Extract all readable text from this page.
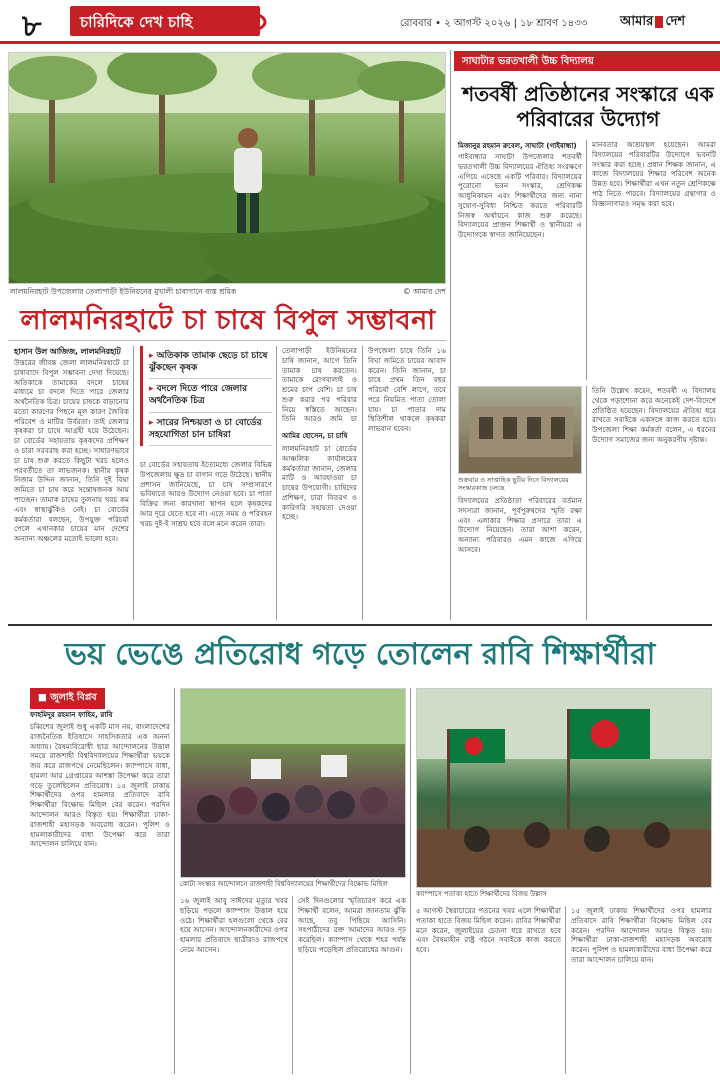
৮	চারিদিকে দেখ চাহি	রোববার • ২ আগস্ট ২০২৬ | ১৮ শ্রাবণ ১৪৩৩	আমার দেশ
লালমনিরহাট উপজেলার তেলাপাড়ী ইউনিয়নের মুখালী চাবাগানে ব্যস্ত শ্রমিক	© আমার দেশ
লালমনিরহাটে চা চাষে বিপুল সম্ভাবনা
হাসান উল আজিজ, লালমনিরহাট
উত্তরের জীবন্ত জেলা লালমনিরহাটে চা চাষাবাদে বিপুল সম্ভাবনা দেখা দিয়েছে। অতিকাকে তামাকের বদলে চাষের মাধ্যমে চা বদলে দিতে পারে জেলার অর্থনৈতিক চিত্র। চায়ের চাষকে বাড়ানোর মতো কারণের পিছনে মূল কারণ জৈবিক পরিবেশ ও মাটির উর্বরতা। তাই জেলার কৃষকরা চা চাষে আগ্রহী হয়ে উঠেছেন। চা বোর্ডের সহায়তায় কৃষকদের প্রশিক্ষণ ও চারা সরবরাহ করা হচ্ছে। সাধারণভাবে চা চাষ শুরু করতে কিছুটা খরচ হলেও পরবর্তীতে তা লাভজনক। স্থানীয় কৃষক নিজাম উদ্দিন জানান, তিনি দুই বিঘা জমিতে চা চাষ করে সন্তোষজনক আয় পাচ্ছেন। তামাক চাষের তুলনায় খরচ কম এবং স্বাস্থ্যঝুঁকিও নেই। চা বোর্ডের কর্মকর্তারা বলছেন, উপযুক্ত পরিচর্যা পেলে এখানকার চায়ের মান দেশের অন্যান্য অঞ্চলের মতোই ভালো হবে।
▸ অতিকাক তামাক ছেড়ে চা চাষে ঝুঁকছেন কৃষক
▸ বদলে দিতে পারে জেলার অর্থনৈতিক চিত্র
▸ সারের নিশ্চয়তা ও চা বোর্ডের সহযোগিতা চান চাষিরা
চা বোর্ডের সহায়তায় ইতোমধ্যে জেলার বিভিন্ন উপজেলায় ক্ষুদ্র চা বাগান গড়ে উঠেছে। স্থানীয় প্রশাসন জানিয়েছে, চা চাষ সম্প্রসারণে ভবিষ্যতে আরও উদ্যোগ নেওয়া হবে। চা পাতা বিক্রির জন্য কারখানা স্থাপন হলে কৃষকদের আর দূরে যেতে হবে না। এতে সময় ও পরিবহন খরচ দুই-ই সাশ্রয় হবে বলে মনে করেন তারা।
তেলাপাড়ী ইউনিয়নের চাষি জানান, আগে তিনি তামাক চাষ করতেন। তামাকে রোগবালাই ও শ্রমের চাপ বেশি। চা চাষ শুরু করার পর পরিবার নিয়ে স্বস্তিতে আছেন। তিনি আরও জমি চা
আমির হোসেন, চা চাষি
লালমনিরহাট চা বোর্ডের আঞ্চলিক কার্যালয়ের কর্মকর্তারা জানান, জেলার মাটি ও আবহাওয়া চা চাষের উপযোগী। চাষিদের প্রশিক্ষণ, চারা বিতরণ ও কারিগরি সহায়তা দেওয়া হচ্ছে।
উপজেলা চাষে তিনি ১৬ বিঘা জমিতে চায়ের আবাদ করেন। তিনি জানান, চা চাষে প্রথম তিন বছর পরিচর্যা বেশি লাগে, তবে পরে নিয়মিত পাতা তোলা যায়। চা পাতার দাম স্থিতিশীল থাকলে কৃষকরা লাভবান হবেন।
সাঘাটার ভরতখালী উচ্চ বিদ্যালয়
শতবর্ষী প্রতিষ্ঠানের সংস্কারে এক পরিবারের উদ্যোগ
মিজানুর রহমান রুবেল, সাঘাটা (গাইবান্ধা)
গাইবান্ধার সাঘাটা উপজেলার শতবর্ষী ভরতখালী উচ্চ বিদ্যালয়ের ঐতিহ্য সংরক্ষণে এগিয়ে এসেছে একটি পরিবার। বিদ্যালয়ের পুরোনো ভবন সংস্কার, শ্রেণিকক্ষ আধুনিকায়ন এবং শিক্ষার্থীদের জন্য নানা সুযোগ-সুবিধা নিশ্চিত করতে পরিবারটি নিজস্ব অর্থায়নে কাজ শুরু করেছে। বিদ্যালয়ের প্রাক্তন শিক্ষার্থী ও স্থানীয়রা এ উদ্যোগকে স্বাগত জানিয়েছেন।
মানবতার আশ্রয়স্থল হয়েছেন। আমরা বিদ্যালয়ের পরিবারটির উদ্যোগে ভবনটি সংস্কার করা হচ্ছে। প্রধান শিক্ষক জানান, এ কাজে বিদ্যালয়ের শিক্ষার পরিবেশ অনেক উন্নত হবে। শিক্ষার্থীরা এখন নতুন শ্রেণিকক্ষে পাঠ নিতে পারবে। বিদ্যালয়ের গ্রন্থাগার ও বিজ্ঞানাগারও সমৃদ্ধ করা হবে।
শুক্রবার ও সাপ্তাহিক ছুটির দিনে বিদ্যালয়ের সংস্কারকাজ চলছে
বিদ্যালয়ের প্রতিষ্ঠাতা পরিবারের বর্তমান সদস্যরা জানান, পূর্বপুরুষদের স্মৃতি রক্ষা এবং এলাকার শিক্ষার প্রসারে তারা এ উদ্যোগ নিয়েছেন। তারা আশা করেন, অন্যান্য পরিবারও এমন কাজে এগিয়ে আসবে।
তিনি উল্লেখ করেন, শতবর্ষী এ বিদ্যালয় থেকে পড়াশোনা করে অনেকেই দেশ-বিদেশে প্রতিষ্ঠিত হয়েছেন। বিদ্যালয়ের ঐতিহ্য ধরে রাখতে সবাইকে একসঙ্গে কাজ করতে হবে। উপজেলা শিক্ষা কর্মকর্তা বলেন, এ ধরনের উদ্যোগ সমাজের জন্য অনুকরণীয় দৃষ্টান্ত।
ভয় ভেঙে প্রতিরোধ গড়ে তোলেন রাবি শিক্ষার্থীরা
■ জুলাই বিপ্লব
ফাহমিদুর রহমান ফাহিম, রাবি
চব্বিশের জুলাই শুধু একটি মাস নয়, বাংলাদেশের রাজনৈতিক ইতিহাসে সাহসিকতার এক অনন্য অধ্যায়। বৈষম্যবিরোধী ছাত্র আন্দোলনের উত্তাল সময়ে রাজশাহী বিশ্ববিদ্যালয়ের শিক্ষার্থীরা ভয়কে জয় করে রাজপথে নেমেছিলেন। ক্যাম্পাসে বাধা, হামলা আর গ্রেপ্তারের আশঙ্কা উপেক্ষা করে তারা গড়ে তুলেছিলেন প্রতিরোধ। ১৫ জুলাই ঢাকায় শিক্ষার্থীদের ওপর হামলার প্রতিবাদে রাবি শিক্ষার্থীরা বিক্ষোভ মিছিল বের করেন। পরদিন আন্দোলন আরও বিস্তৃত হয়। শিক্ষার্থীরা ঢাকা-রাজশাহী মহাসড়ক অবরোধ করেন। পুলিশ ও হামলাকারীদের বাধা উপেক্ষা করে তারা আন্দোলন চালিয়ে যান।
কোটা সংস্কার আন্দোলনে রাজশাহী বিশ্ববিদ্যালয়ের শিক্ষার্থীদের বিক্ষোভ মিছিল
১৬ জুলাই আবু সাঈদের মৃত্যুর খবর ছড়িয়ে পড়লে ক্যাম্পাস উত্তাল হয়ে ওঠে। শিক্ষার্থীরা হলগুলো থেকে বের হয়ে আসেন। আন্দোলনকারীদের ওপর হামলার প্রতিবাদে ছাত্রীরাও রাজপথে নেমে আসেন।
সেই দিনগুলোর স্মৃতিচারণ করে এক শিক্ষার্থী বলেন, আমরা জানতাম ঝুঁকি আছে, তবু পিছিয়ে আসিনি। সহপাঠীদের রক্ত আমাদের আরও দৃঢ় করেছিল। ক্যাম্পাস থেকে শহর পর্যন্ত ছড়িয়ে পড়েছিল প্রতিরোধের আগুন।
ক্যাম্পাসে পতাকা হাতে শিক্ষার্থীদের বিজয় উল্লাস
৫ আগস্ট স্বৈরাচারের পতনের খবর এলে শিক্ষার্থীরা পতাকা হাতে বিজয় মিছিল করেন। রাবির শিক্ষার্থীরা মনে করেন, জুলাইয়ের চেতনা ধরে রাখতে হবে এবং বৈষম্যহীন রাষ্ট্র গঠনে সবাইকে কাজ করতে হবে।
১৫ জুলাই ঢাকায় শিক্ষার্থীদের ওপর হামলার প্রতিবাদে রাবি শিক্ষার্থীরা বিক্ষোভ মিছিল বের করেন। পরদিন আন্দোলন আরও বিস্তৃত হয়। শিক্ষার্থীরা ঢাকা-রাজশাহী মহাসড়ক অবরোধ করেন। পুলিশ ও হামলাকারীদের বাধা উপেক্ষা করে তারা আন্দোলন চালিয়ে যান।
